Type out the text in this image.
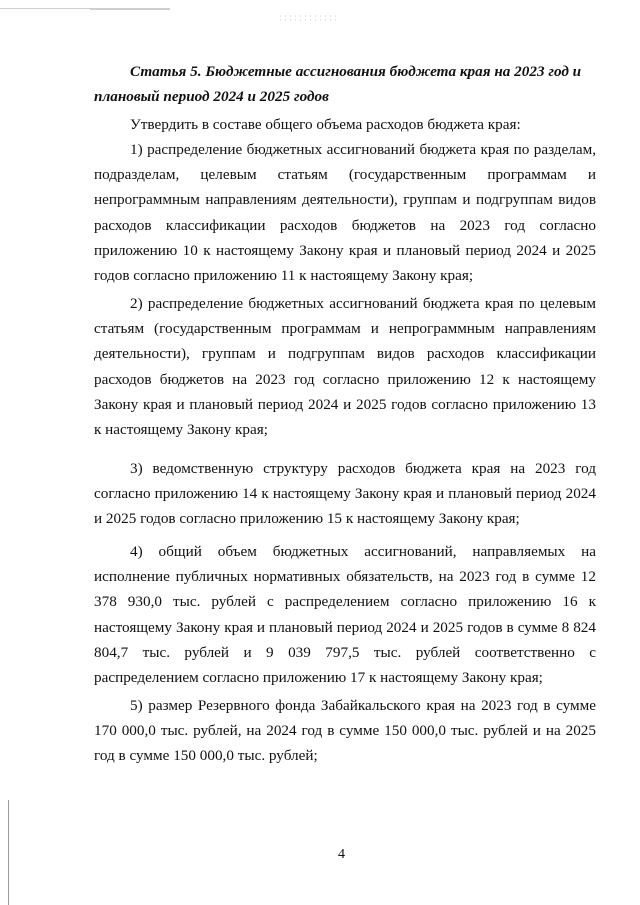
Статья 5. Бюджетные ассигнования бюджета края на 2023 год и плановый период 2024 и 2025 годов
Утвердить в составе общего объема расходов бюджета края:
1) распределение бюджетных ассигнований бюджета края по разделам, подразделам, целевым статьям (государственным программам и непрограммным направлениям деятельности), группам и подгруппам видов расходов классификации расходов бюджетов на 2023 год согласно приложению 10 к настоящему Закону края и плановый период 2024 и 2025 годов согласно приложению 11 к настоящему Закону края;
2) распределение бюджетных ассигнований бюджета края по целевым статьям (государственным программам и непрограммным направлениям деятельности), группам и подгруппам видов расходов классификации расходов бюджетов на 2023 год согласно приложению 12 к настоящему Закону края и плановый период 2024 и 2025 годов согласно приложению 13 к настоящему Закону края;
3) ведомственную структуру расходов бюджета края на 2023 год согласно приложению 14 к настоящему Закону края и плановый период 2024 и 2025 годов согласно приложению 15 к настоящему Закону края;
4) общий объем бюджетных ассигнований, направляемых на исполнение публичных нормативных обязательств, на 2023 год в сумме 12 378 930,0 тыс. рублей с распределением согласно приложению 16 к настоящему Закону края и плановый период 2024 и 2025 годов в сумме 8 824 804,7 тыс. рублей и 9 039 797,5 тыс. рублей соответственно с распределением согласно приложению 17 к настоящему Закону края;
5) размер Резервного фонда Забайкальского края на 2023 год в сумме 170 000,0 тыс. рублей, на 2024 год в сумме 150 000,0 тыс. рублей и на 2025 год в сумме 150 000,0 тыс. рублей;
4
